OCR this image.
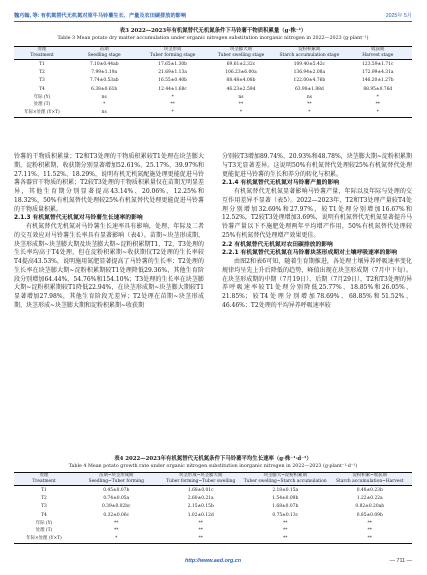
魏巧翰, 等: 有机氮替代无机氮对原牛马铃薯生长、产量及农田碳排放的影响	2025年 5月
表3 2022—2023年有机氮替代无机氮条件下马铃薯干物质积累量（g·株⁻¹）
Table 3 Mean potato dry matter accumulation under organic nitrogen substitution inorganic nitrogen in 2022—2023 (g·plant⁻¹)
处理	苗期	块茎形成	块茎膨大期	淀粉积累期	收获期
Treatment	Seedling stage	Tuber forming stage	Tuber swelling stage	Starch accumulation stage	Harvest stage
T1	7.10±0.44ab	17.65±1.30b	69.61±2.32c	109.40±5.42c	123.59±1.71c
T2	7.99±1.19a	21.69±1.13a	106.23±6.00a	136.94±2.08a	172.99±4.31a
T3	7.74±0.53ab	16.55±0.40b	88.48±4.08b	122.00±4.76b	146.20±1.27b
T4	6.38±0.61b	12.44±1.68c	46.23±2.59d	63.98±1.88d	88.95±0.76d
年际 (Y)	ns	*	ns	ns	*
处理 (T)	*	**	**	**	**
年际×处理 (Y×T)	ns	*	*	*	*

铃薯的干物质积累量；T2和T3处理的干物质积累较T1处理在块茎膨大期、淀粉积累期、收获期分别显著增加52.61%、25.17%、39.97%和27.11%、11.52%、18.29%，说明有机无机氮配施处理更能促进马铃薯各器官干物质的积累；T2较T3处理的干物质积累量仅在苗期无明显差异，其他生育期分别显著提高43.14%、20.06%、12.25%和18.32%，50%有机氮替代处理较25%有机氮替代处理更能促进马铃薯的干物质量积累。

2.1.3 有机氮替代无机氮对马铃薯生长速率的影响

有机氮替代无机氮对马铃薯生长速率具有影响，处理、年际及二者的交互效应对马铃薯生长率具有显著影响（表4）。苗期~块茎形成期、块茎形成期~块茎膨大期及块茎膨大期~淀粉积累期T1、T2、T3处理的生长率均高于T4处理，但在淀粉积累期~收获期仅T2处理的生长率较T4提高43.53%，说明施用氮肥显著提高了马铃薯的生长率；T2处理的生长率在块茎膨大期~淀粉积累期较T1处理降低29.36%，其他生育阶段分别增加64.44%、54.76%和154.10%；T3处理的生长率在块茎膨大期~淀粉积累期较T1降低22.94%，在块茎形成期~块茎膨大期较T1显著增加27.98%，其他生育阶段无差异；T2处理在苗期~块茎形成期、块茎形成~块茎膨大期和淀粉积累期~收获期

分别较T3增加89.74%、20.93%和48.78%，块茎膨大期~淀粉积累期与T3无显著差异。这说明50%有机氮替代处理较25%有机氮替代处理更能促进马铃薯的生长和养分的转化与积累。

2.1.4 有机氮替代无机氮对马铃薯产量的影响

有机氮替代无机氮显著影响马铃薯产量，年际以及年际与处理的交互作用差异不显著（表5）。2022—2023年，T2和T3处理产量较T4处理分别增加32.69%和27.97%，较T1处理分别增加16.67%和12.52%，T2较T3处理增加3.69%，说明有机氮替代无机氮显著提升马铃薯产量以下不施肥处理两年平均增产作用，50%有机氮替代处理较25%有机氮替代处理增产效果更佳。

2.2 有机氮替代无机氮对农田碳排放的影响

2.2.1 有机氮替代无机氮在马铃薯块茎形成期对土壤呼吸速率的影响

由图2和表6可知，随着生育期推进，各处理土壤异养呼吸速率变化规律均呈先上升后降低的趋势，峰值出现在块茎形成期（7月中下旬）。在块茎形成期的中期（7月19日）、后期（7月29日），T2和T3处理的异养呼吸速率较T1处理分别降低25.77%、18.85%和26.05%、21.85%；较T4处理分别增加78.69%、68.85%和51.52%、46.46%；T2处理的平均异养呼吸速率较

表4 2022—2023年有机氮替代无机氮条件下马铃薯平均生长速率（g·株⁻¹·d⁻¹）
Table 4 Mean potato growth rate under organic nitrogen substitution inorganic nitrogen in 2022—2023 (g·plant⁻¹·d⁻¹)
处理	苗期~块茎形成期	块茎形成~块茎膨大期	块茎膨大~淀粉积累期	淀粉积累~收获期
Treatment	Seedling~Tuber forming	Tuber forming~Tuber swelling	Tuber swelling~Starch accumulation	Starch accumulation~Harvest
T1	0.45±0.07b	1.68±0.01c	2.18±0.15a	0.48±0.23b
T2	0.74±0.05a	2.60±0.21a	1.54±0.09b	1.22±0.22a
T3	0.39±0.02bc	2.15±0.15b	1.68±0.07b	0.82±0.20ab
T4	0.32±0.06c	1.02±0.12d	0.75±0.13c	0.85±0.09b
年际 (Y)	**	**	**	**
处理 (T)	**	**	**	**
年际×处理 (Y×T)	*	**	**	**
http://www.aed.org.cn	— 711 —
